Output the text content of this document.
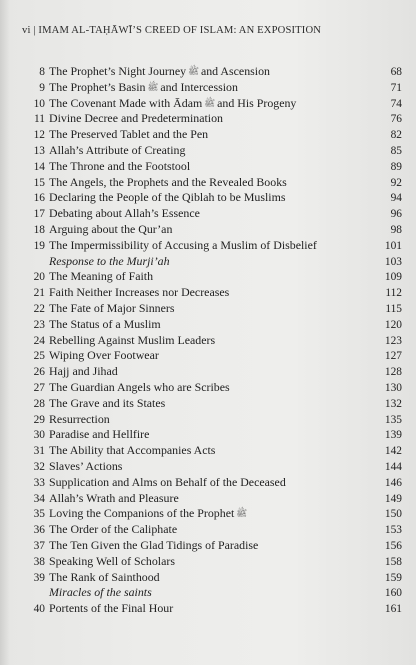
vi | IMAM AL-TAḤĀWĪ’S CREED OF ISLAM: AN EXPOSITION
8 The Prophet’s Night Journey ﷺ and Ascension	68
9 The Prophet’s Basin ﷺ and Intercession	71
10 The Covenant Made with Ādam ﷺ and His Progeny	74
11 Divine Decree and Predetermination	76
12 The Preserved Tablet and the Pen	82
13 Allah’s Attribute of Creating	85
14 The Throne and the Footstool	89
15 The Angels, the Prophets and the Revealed Books	92
16 Declaring the People of the Qiblah to be Muslims	94
17 Debating about Allah’s Essence	96
18 Arguing about the Qur’an	98
19 The Impermissibility of Accusing a Muslim of Disbelief	101
Response to the Murji’ah	103
20 The Meaning of Faith	109
21 Faith Neither Increases nor Decreases	112
22 The Fate of Major Sinners	115
23 The Status of a Muslim	120
24 Rebelling Against Muslim Leaders	123
25 Wiping Over Footwear	127
26 Hajj and Jihad	128
27 The Guardian Angels who are Scribes	130
28 The Grave and its States	132
29 Resurrection	135
30 Paradise and Hellfire	139
31 The Ability that Accompanies Acts	142
32 Slaves’ Actions	144
33 Supplication and Alms on Behalf of the Deceased	146
34 Allah’s Wrath and Pleasure	149
35 Loving the Companions of the Prophet ﷺ	150
36 The Order of the Caliphate	153
37 The Ten Given the Glad Tidings of Paradise	156
38 Speaking Well of Scholars	158
39 The Rank of Sainthood	159
Miracles of the saints	160
40 Portents of the Final Hour	161
